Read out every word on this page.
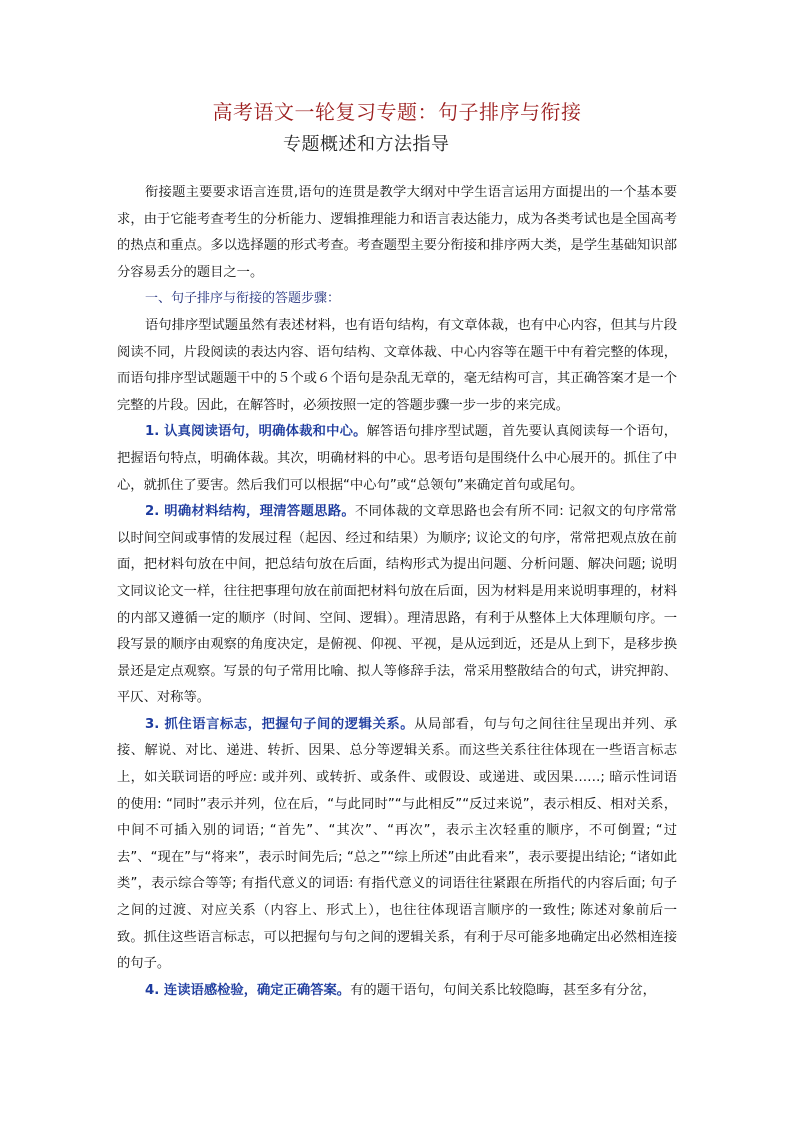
高考语文一轮复习专题：句子排序与衔接
专题概述和方法指导

衔接题主要要求语言连贯,语句的连贯是教学大纲对中学生语言运用方面提出的一个基本要求，由于它能考查考生的分析能力、逻辑推理能力和语言表达能力，成为各类考试也是全国高考的热点和重点。多以选择题的形式考查。考查题型主要分衔接和排序两大类，是学生基础知识部分容易丢分的题目之一。

一、句子排序与衔接的答题步骤：

语句排序型试题虽然有表述材料，也有语句结构，有文章体裁，也有中心内容，但其与片段阅读不同，片段阅读的表达内容、语句结构、文章体裁、中心内容等在题干中有着完整的体现，而语句排序型试题题干中的５个或６个语句是杂乱无章的，毫无结构可言，其正确答案才是一个完整的片段。因此，在解答时，必须按照一定的答题步骤一步一步的来完成。

1. 认真阅读语句，明确体裁和中心。解答语句排序型试题，首先要认真阅读每一个语句，把握语句特点，明确体裁。其次，明确材料的中心。思考语句是围绕什么中心展开的。抓住了中心，就抓住了要害。然后我们可以根据“中心句”或“总领句”来确定首句或尾句。

2. 明确材料结构，理清答题思路。不同体裁的文章思路也会有所不同: 记叙文的句序常常以时间空间或事情的发展过程（起因、经过和结果）为顺序; 议论文的句序，常常把观点放在前面，把材料句放在中间，把总结句放在后面，结构形式为提出问题、分析问题、解决问题; 说明文同议论文一样，往往把事理句放在前面把材料句放在后面，因为材料是用来说明事理的，材料的内部又遵循一定的顺序（时间、空间、逻辑）。理清思路，有利于从整体上大体理顺句序。一段写景的顺序由观察的角度决定，是俯视、仰视、平视，是从远到近，还是从上到下，是移步换景还是定点观察。写景的句子常用比喻、拟人等修辞手法，常采用整散结合的句式，讲究押韵、平仄、对称等。

3. 抓住语言标志，把握句子间的逻辑关系。从局部看，句与句之间往往呈现出并列、承接、解说、对比、递进、转折、因果、总分等逻辑关系。而这些关系往往体现在一些语言标志上，如关联词语的呼应: 或并列、或转折、或条件、或假设、或递进、或因果……; 暗示性词语的使用: “同时”表示并列，位在后，“与此同时”“与此相反”“反过来说”，表示相反、相对关系，中间不可插入别的词语; “首先”、“其次”、“再次”，表示主次轻重的顺序，不可倒置; “过去”、“现在”与“将来”，表示时间先后; “总之”“综上所述”由此看来”，表示要提出结论; “诸如此类”，表示综合等等; 有指代意义的词语: 有指代意义的词语往往紧跟在所指代的内容后面; 句子之间的过渡、对应关系（内容上、形式上），也往往体现语言顺序的一致性; 陈述对象前后一致。抓住这些语言标志，可以把握句与句之间的逻辑关系，有利于尽可能多地确定出必然相连接的句子。

4. 连读语感检验，确定正确答案。有的题干语句，句间关系比较隐晦，甚至多有分岔，
